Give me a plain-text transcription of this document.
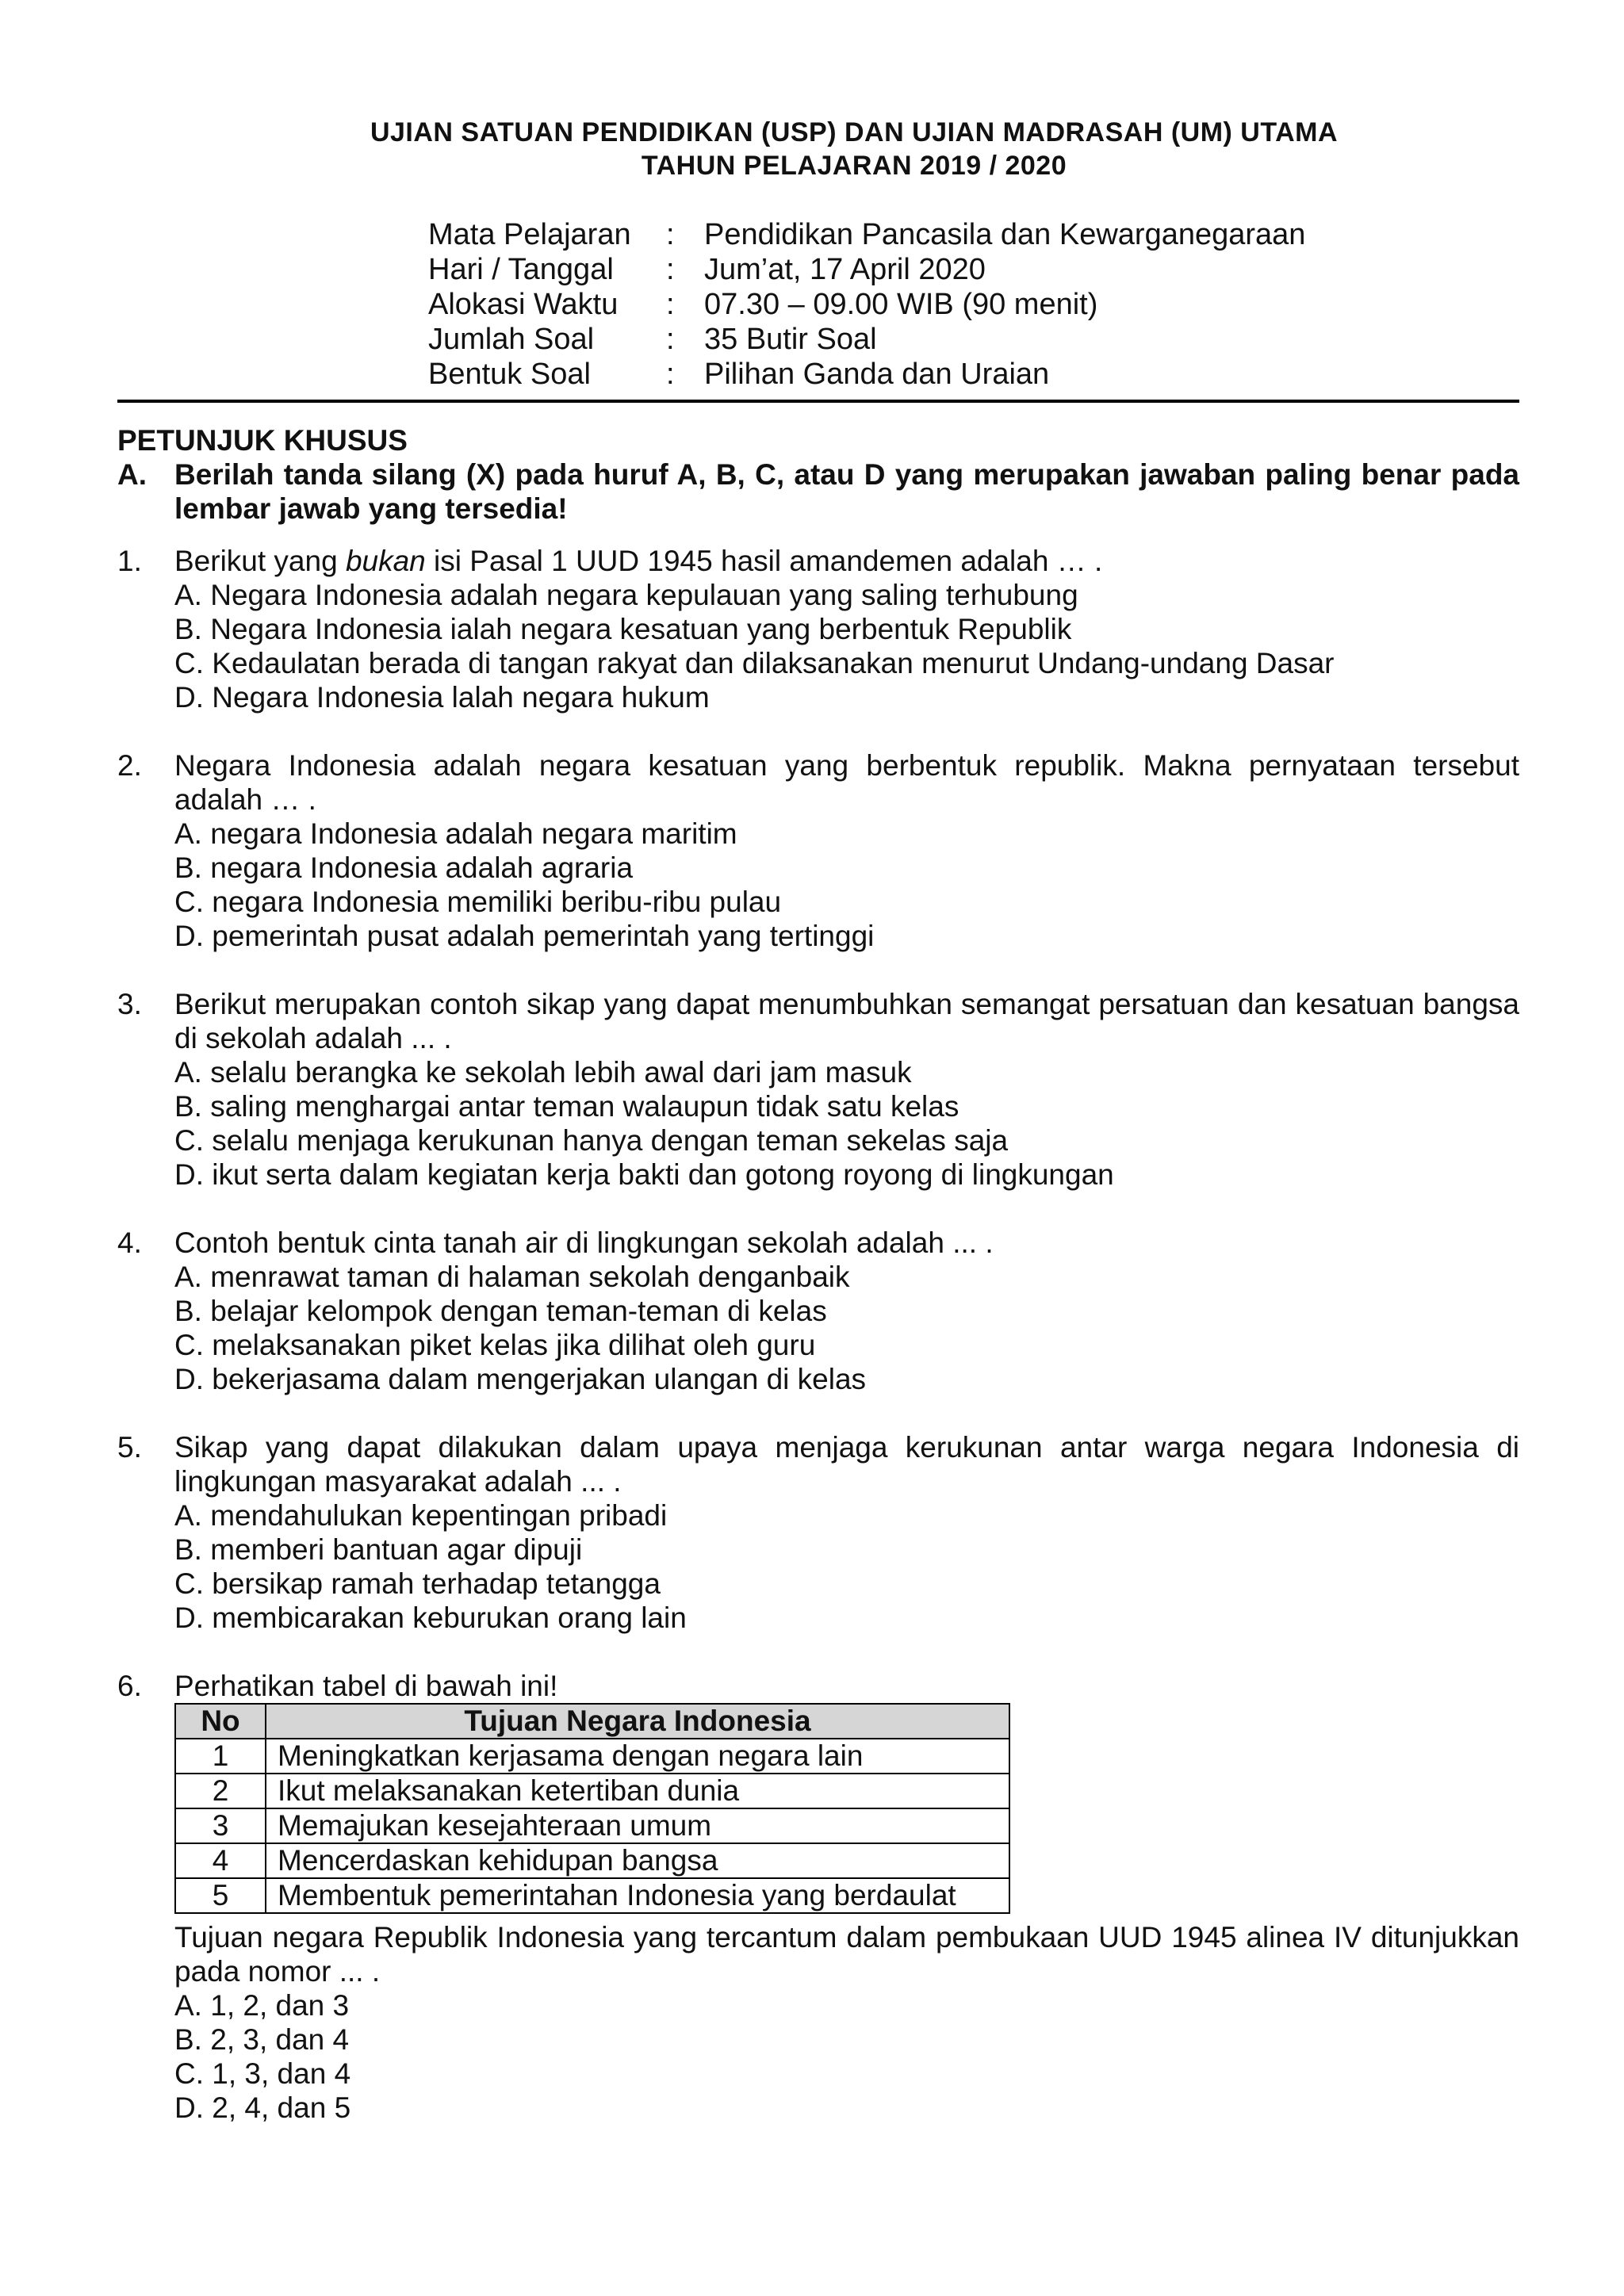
UJIAN SATUAN PENDIDIKAN (USP) DAN UJIAN MADRASAH (UM) UTAMA
TAHUN PELAJARAN 2019 / 2020
Mata Pelajaran	: Pendidikan Pancasila dan Kewarganegaraan
Hari / Tanggal	: Jum’at, 17 April 2020
Alokasi Waktu	: 07.30 – 09.00 WIB (90 menit)
Jumlah Soal	: 35 Butir Soal
Bentuk Soal	: Pilihan Ganda dan Uraian
PETUNJUK KHUSUS
A. Berilah tanda silang (X) pada huruf A, B, C, atau D yang merupakan jawaban paling benar pada lembar jawab yang tersedia!
1.	Berikut yang bukan isi Pasal 1 UUD 1945 hasil amandemen adalah … .
A. Negara Indonesia adalah negara kepulauan yang saling terhubung
B. Negara Indonesia ialah negara kesatuan yang berbentuk Republik
C. Kedaulatan berada di tangan rakyat dan dilaksanakan menurut Undang-undang Dasar
D. Negara Indonesia lalah negara hukum
2.	Negara Indonesia adalah negara kesatuan yang berbentuk republik. Makna pernyataan tersebut adalah … .
A. negara Indonesia adalah negara maritim
B. negara Indonesia adalah agraria
C. negara Indonesia memiliki beribu-ribu pulau
D. pemerintah pusat adalah pemerintah yang tertinggi
3.	Berikut merupakan contoh sikap yang dapat menumbuhkan semangat persatuan dan kesatuan bangsa di sekolah adalah ... .
A. selalu berangka ke sekolah lebih awal dari jam masuk
B. saling menghargai antar teman walaupun tidak satu kelas
C. selalu menjaga kerukunan hanya dengan teman sekelas saja
D. ikut serta dalam kegiatan kerja bakti dan gotong royong di lingkungan
4.	Contoh bentuk cinta tanah air di lingkungan sekolah adalah ... .
A. menrawat taman di halaman sekolah denganbaik
B. belajar kelompok dengan teman-teman di kelas
C. melaksanakan piket kelas jika dilihat oleh guru
D. bekerjasama dalam mengerjakan ulangan di kelas
5.	Sikap yang dapat dilakukan dalam upaya menjaga kerukunan antar warga negara Indonesia di lingkungan masyarakat adalah ... .
A. mendahulukan kepentingan pribadi
B. memberi bantuan agar dipuji
C. bersikap ramah terhadap tetangga
D. membicarakan keburukan orang lain
6.	Perhatikan tabel di bawah ini!
No	Tujuan Negara Indonesia
1	Meningkatkan kerjasama dengan negara lain
2	Ikut melaksanakan ketertiban dunia
3	Memajukan kesejahteraan umum
4	Mencerdaskan kehidupan bangsa
5	Membentuk pemerintahan Indonesia yang berdaulat
Tujuan negara Republik Indonesia yang tercantum dalam pembukaan UUD 1945 alinea IV ditunjukkan pada nomor ... .
A. 1, 2, dan 3
B. 2, 3, dan 4
C. 1, 3, dan 4
D. 2, 4, dan 5
